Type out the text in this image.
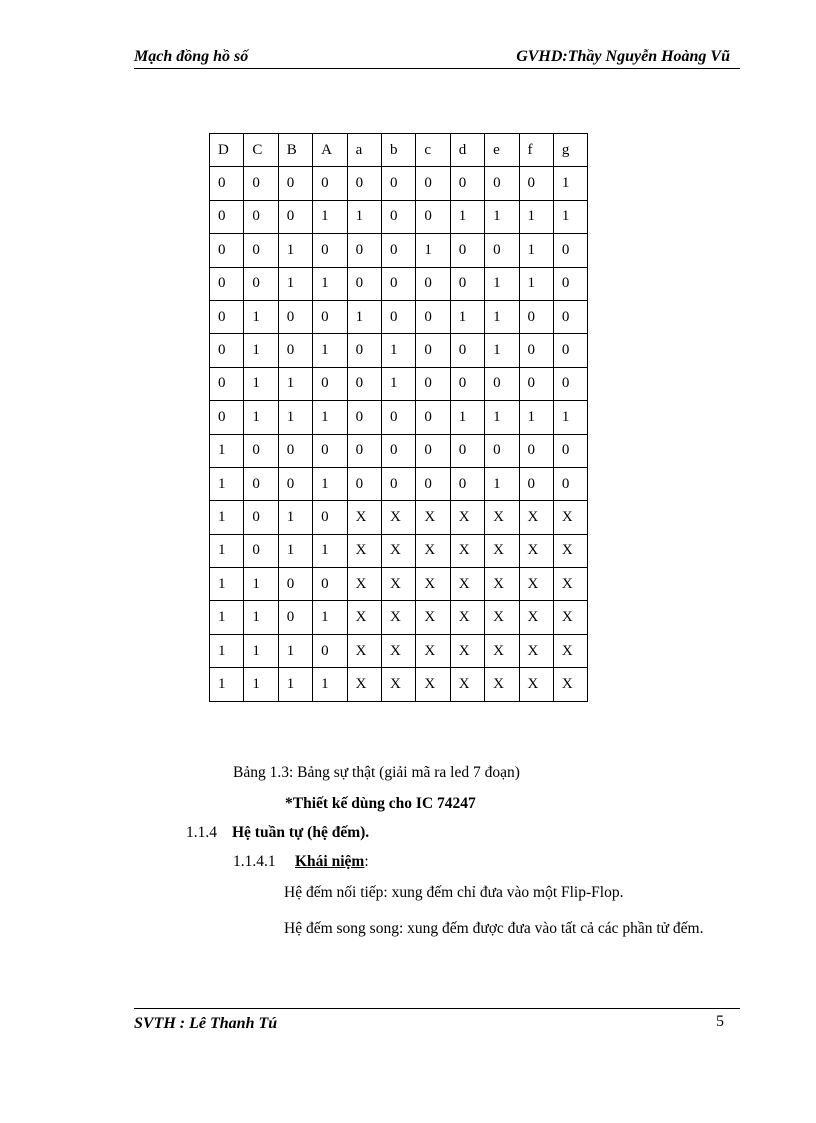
Mạch đồng hồ số	GVHD:Thầy Nguyễn Hoàng Vũ
D	C	B	A	a	b	c	d	e	f	g
0	0	0	0	0	0	0	0	0	0	1
0	0	0	1	1	0	0	1	1	1	1
0	0	1	0	0	0	1	0	0	1	0
0	0	1	1	0	0	0	0	1	1	0
0	1	0	0	1	0	0	1	1	0	0
0	1	0	1	0	1	0	0	1	0	0
0	1	1	0	0	1	0	0	0	0	0
0	1	1	1	0	0	0	1	1	1	1
1	0	0	0	0	0	0	0	0	0	0
1	0	0	1	0	0	0	0	1	0	0
1	0	1	0	X	X	X	X	X	X	X
1	0	1	1	X	X	X	X	X	X	X
1	1	0	0	X	X	X	X	X	X	X
1	1	0	1	X	X	X	X	X	X	X
1	1	1	0	X	X	X	X	X	X	X
1	1	1	1	X	X	X	X	X	X	X
Bảng 1.3: Bảng sự thật (giải mã ra led 7 đoạn)
*Thiết kế dùng cho IC 74247
1.1.4 Hệ tuần tự (hệ đếm).
1.1.4.1 Khái niệm:
Hệ đếm nối tiếp: xung đếm chỉ đưa vào một Flip-Flop.
Hệ đếm song song: xung đếm được đưa vào tất cả các phần tử đếm.
SVTH : Lê Thanh Tú	5
